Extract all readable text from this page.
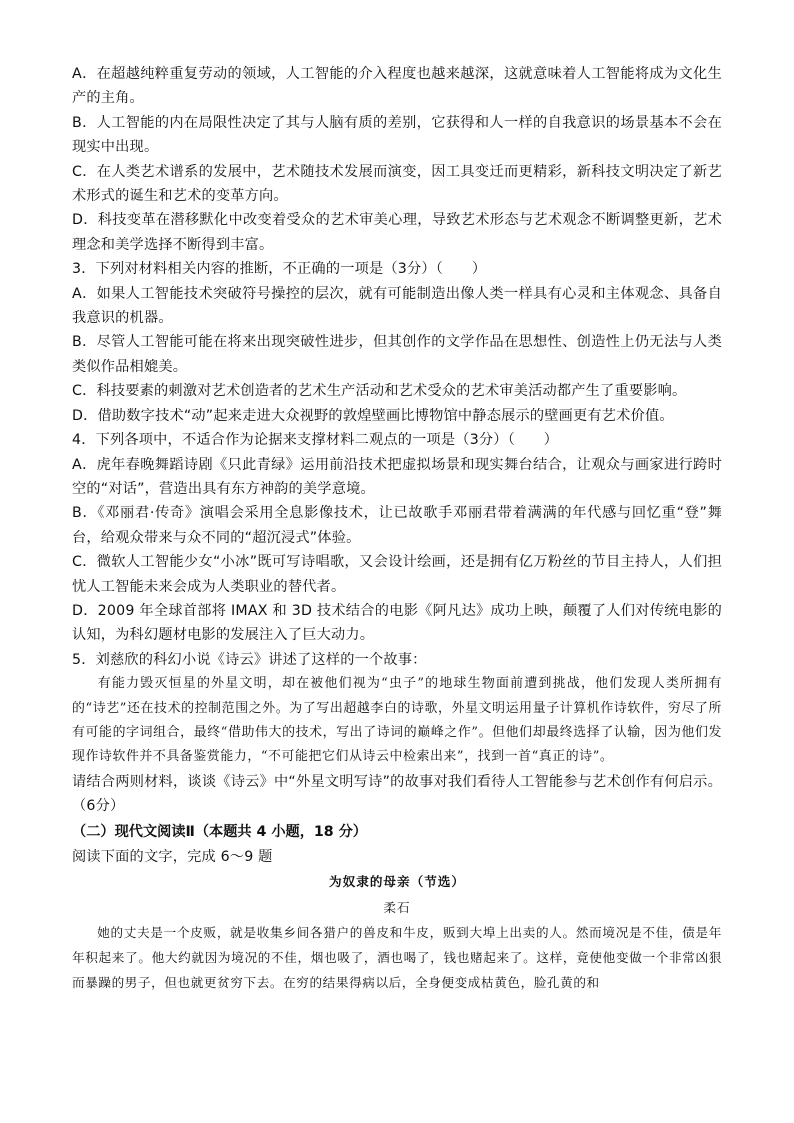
A．在超越纯粹重复劳动的领域，人工智能的介入程度也越来越深，这就意味着人工智能将成为文化生产的主角。

B．人工智能的内在局限性决定了其与人脑有质的差别，它获得和人一样的自我意识的场景基本不会在现实中出现。

C．在人类艺术谱系的发展中，艺术随技术发展而演变，因工具变迁而更精彩，新科技文明决定了新艺术形式的诞生和艺术的变革方向。

D．科技变革在潜移默化中改变着受众的艺术审美心理，导致艺术形态与艺术观念不断调整更新，艺术理念和美学选择不断得到丰富。

3．下列对材料相关内容的推断，不正确的一项是（3分）（　　）

A．如果人工智能技术突破符号操控的层次，就有可能制造出像人类一样具有心灵和主体观念、具备自我意识的机器。

B．尽管人工智能可能在将来出现突破性进步，但其创作的文学作品在思想性、创造性上仍无法与人类类似作品相媲美。

C．科技要素的刺激对艺术创造者的艺术生产活动和艺术受众的艺术审美活动都产生了重要影响。

D．借助数字技术“动”起来走进大众视野的敦煌壁画比博物馆中静态展示的壁画更有艺术价值。

4．下列各项中，不适合作为论据来支撑材料二观点的一项是（3分）（　　）

A．虎年春晚舞蹈诗剧《只此青绿》运用前沿技术把虚拟场景和现实舞台结合，让观众与画家进行跨时空的“对话”，营造出具有东方神韵的美学意境。

B．《邓丽君·传奇》演唱会采用全息影像技术，让已故歌手邓丽君带着满满的年代感与回忆重“登”舞台，给观众带来与众不同的“超沉浸式”体验。

C．微软人工智能少女“小冰”既可写诗唱歌，又会设计绘画，还是拥有亿万粉丝的节目主持人，人们担忧人工智能未来会成为人类职业的替代者。

D．2009 年全球首部将 IMAX 和 3D 技术结合的电影《阿凡达》成功上映，颠覆了人们对传统电影的认知，为科幻题材电影的发展注入了巨大动力。

5．刘慈欣的科幻小说《诗云》讲述了这样的一个故事：

有能力毁灭恒星的外星文明，却在被他们视为“虫子”的地球生物面前遭到挑战，他们发现人类所拥有的“诗艺”还在技术的控制范围之外。为了写出超越李白的诗歌，外星文明运用量子计算机作诗软件，穷尽了所有可能的字词组合，最终“借助伟大的技术，写出了诗词的巅峰之作”。但他们却最终选择了认输，因为他们发现作诗软件并不具备鉴赏能力，“不可能把它们从诗云中检索出来”，找到一首“真正的诗”。

请结合两则材料，谈谈《诗云》中“外星文明写诗”的故事对我们看待人工智能参与艺术创作有何启示。（6分）

（二）现代文阅读Ⅱ（本题共 4 小题，18 分）

阅读下面的文字，完成 6～9 题

为奴隶的母亲（节选）

柔石

她的丈夫是一个皮贩，就是收集乡间各猎户的兽皮和牛皮，贩到大埠上出卖的人。然而境况是不佳，债是年年积起来了。他大约就因为境况的不佳，烟也吸了，酒也喝了，钱也赌起来了。这样，竟使他变做一个非常凶狠而暴躁的男子，但也就更贫穷下去。在穷的结果得病以后，全身便变成枯黄色，脸孔黄的和
